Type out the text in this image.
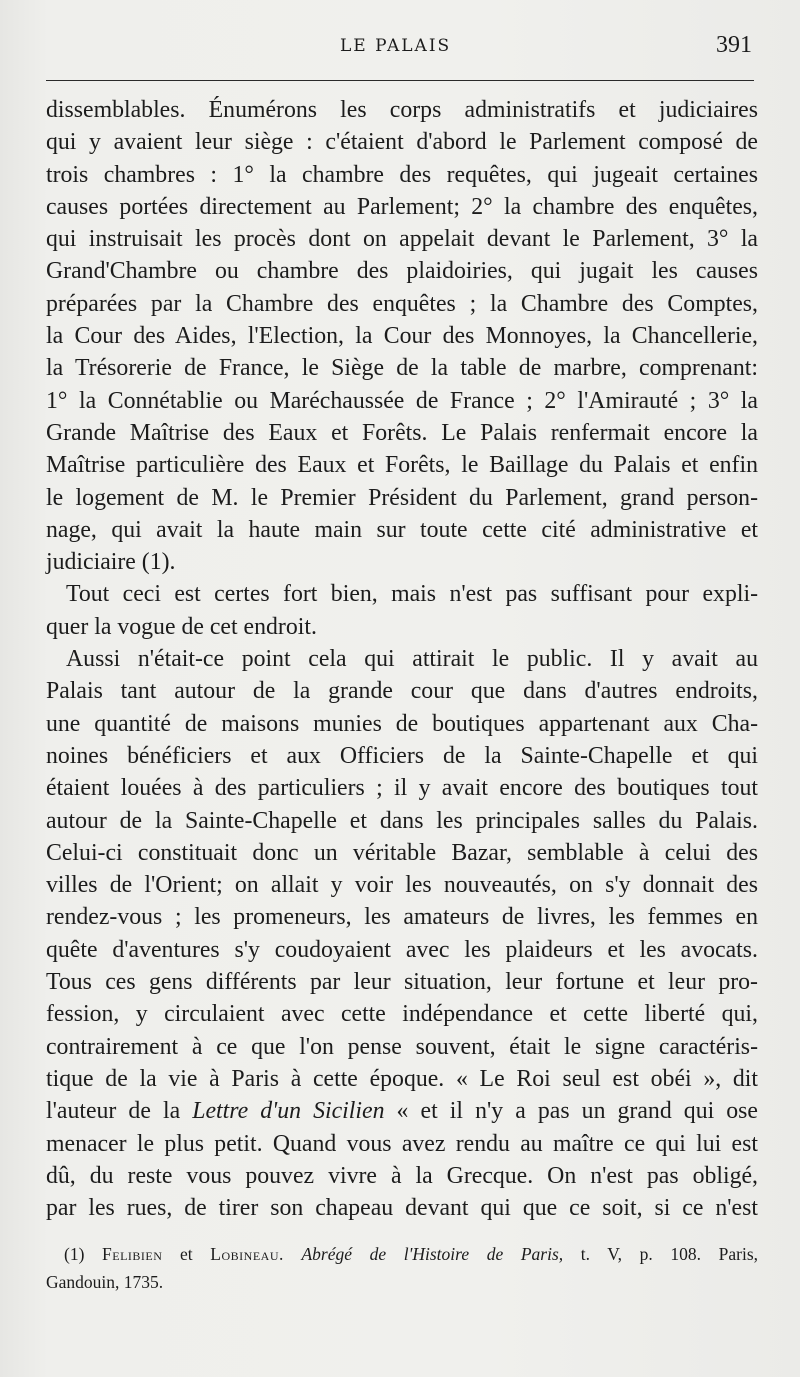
LE PALAIS	391
dissemblables. Énumérons les corps administratifs et judiciaires
qui y avaient leur siège : c'étaient d'abord le Parlement composé de
trois chambres : 1° la chambre des requêtes, qui jugeait certaines
causes portées directement au Parlement; 2° la chambre des enquêtes,
qui instruisait les procès dont on appelait devant le Parlement, 3° la
Grand'Chambre ou chambre des plaidoiries, qui jugait les causes
préparées par la Chambre des enquêtes ; la Chambre des Comptes,
la Cour des Aides, l'Election, la Cour des Monnoyes, la Chancellerie,
la Trésorerie de France, le Siège de la table de marbre, comprenant:
1° la Connétablie ou Maréchaussée de France ; 2° l'Amirauté ; 3° la
Grande Maîtrise des Eaux et Forêts. Le Palais renfermait encore la
Maîtrise particulière des Eaux et Forêts, le Baillage du Palais et enfin
le logement de M. le Premier Président du Parlement, grand person-
nage, qui avait la haute main sur toute cette cité administrative et
judiciaire (1).
Tout ceci est certes fort bien, mais n'est pas suffisant pour expli-
quer la vogue de cet endroit.
Aussi n'était-ce point cela qui attirait le public. Il y avait au
Palais tant autour de la grande cour que dans d'autres endroits,
une quantité de maisons munies de boutiques appartenant aux Cha-
noines bénéficiers et aux Officiers de la Sainte-Chapelle et qui
étaient louées à des particuliers ; il y avait encore des boutiques tout
autour de la Sainte-Chapelle et dans les principales salles du Palais.
Celui-ci constituait donc un véritable Bazar, semblable à celui des
villes de l'Orient; on allait y voir les nouveautés, on s'y donnait des
rendez-vous ; les promeneurs, les amateurs de livres, les femmes en
quête d'aventures s'y coudoyaient avec les plaideurs et les avocats.
Tous ces gens différents par leur situation, leur fortune et leur pro-
fession, y circulaient avec cette indépendance et cette liberté qui,
contrairement à ce que l'on pense souvent, était le signe caractéris-
tique de la vie à Paris à cette époque. « Le Roi seul est obéi », dit
l'auteur de la Lettre d'un Sicilien « et il n'y a pas un grand qui ose
menacer le plus petit. Quand vous avez rendu au maître ce qui lui est
dû, du reste vous pouvez vivre à la Grecque. On n'est pas obligé,
par les rues, de tirer son chapeau devant qui que ce soit, si ce n'est
(1) Felibien et Lobineau. Abrégé de l'Histoire de Paris, t. V, p. 108. Paris,
Gandouin, 1735.
